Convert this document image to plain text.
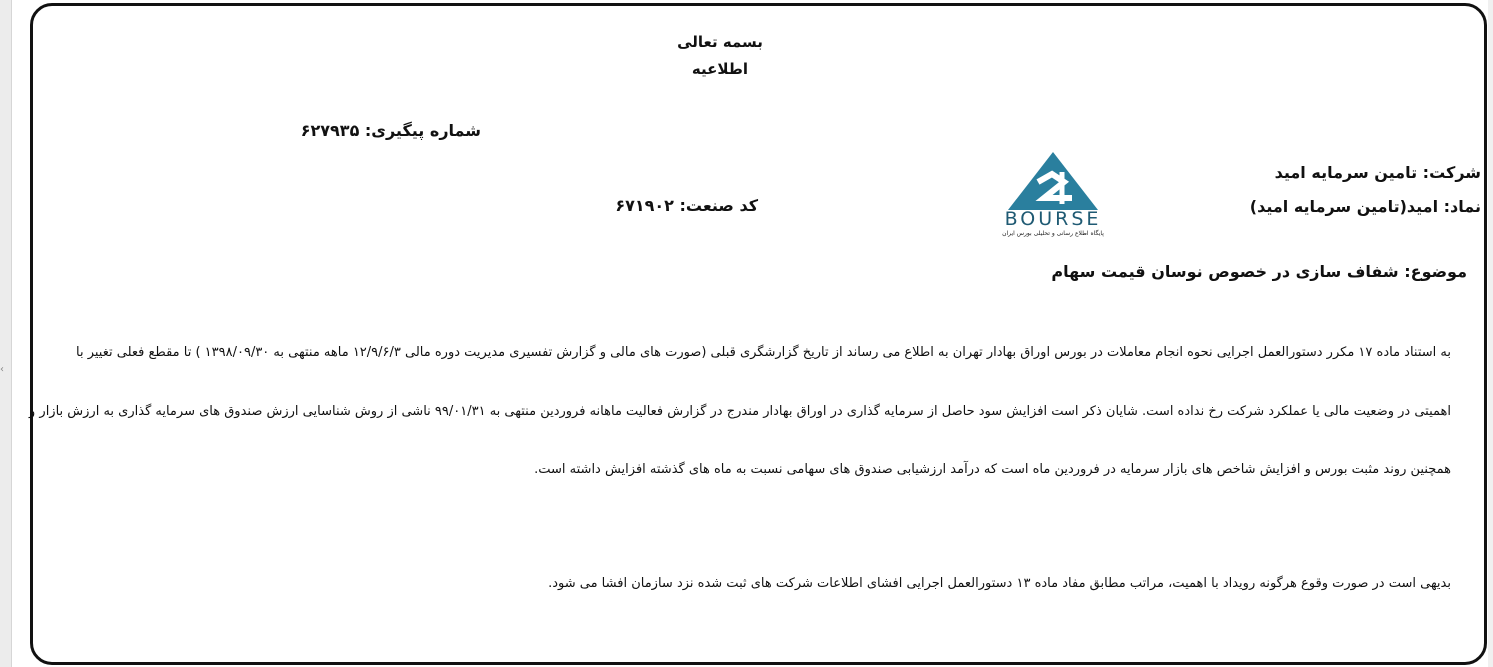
‹
بسمه تعالی
اطلاعیه
شماره پیگیری: ۶۲۷۹۳۵
شرکت: تامین سرمایه امید
نماد: امید(تامین سرمایه امید)
کد صنعت: ۶۷۱۹۰۲
BOURSE
پایگاه اطلاع رسانی و تحلیلی بورس ایران
موضوع: شفاف سازی در خصوص نوسان قیمت سهام
به استناد ماده ۱۷ مکرر دستورالعمل اجرایی نحوه انجام معاملات در بورس اوراق بهادار تهران به اطلاع می رساند از تاریخ گزارشگری قبلی (صورت های مالی و گزارش تفسیری مدیریت دوره مالی ۱۲/۹/۶/۳ ماهه منتهی به ۱۳۹۸/۰۹/۳۰ ) تا مقطع فعلی تغییر با
اهمیتی در وضعیت مالی یا عملکرد شرکت رخ نداده است. شایان ذکر است افزایش سود حاصل از سرمایه گذاری در اوراق بهادار مندرج در گزارش فعالیت ماهانه فروردین منتهی به ۹۹/۰۱/۳۱ ناشی از روش شناسایی ارزش صندوق های سرمایه گذاری به ارزش بازار و
همچنین روند مثبت بورس و افزایش شاخص های بازار سرمایه در فروردین ماه است که درآمد ارزشیابی صندوق های سهامی نسبت به ماه های گذشته افزایش داشته است.
بدیهی است در صورت وقوع هرگونه رویداد با اهمیت، مراتب مطابق مفاد ماده ۱۳ دستورالعمل اجرایی افشای اطلاعات شرکت های ثبت شده نزد سازمان افشا می شود.
